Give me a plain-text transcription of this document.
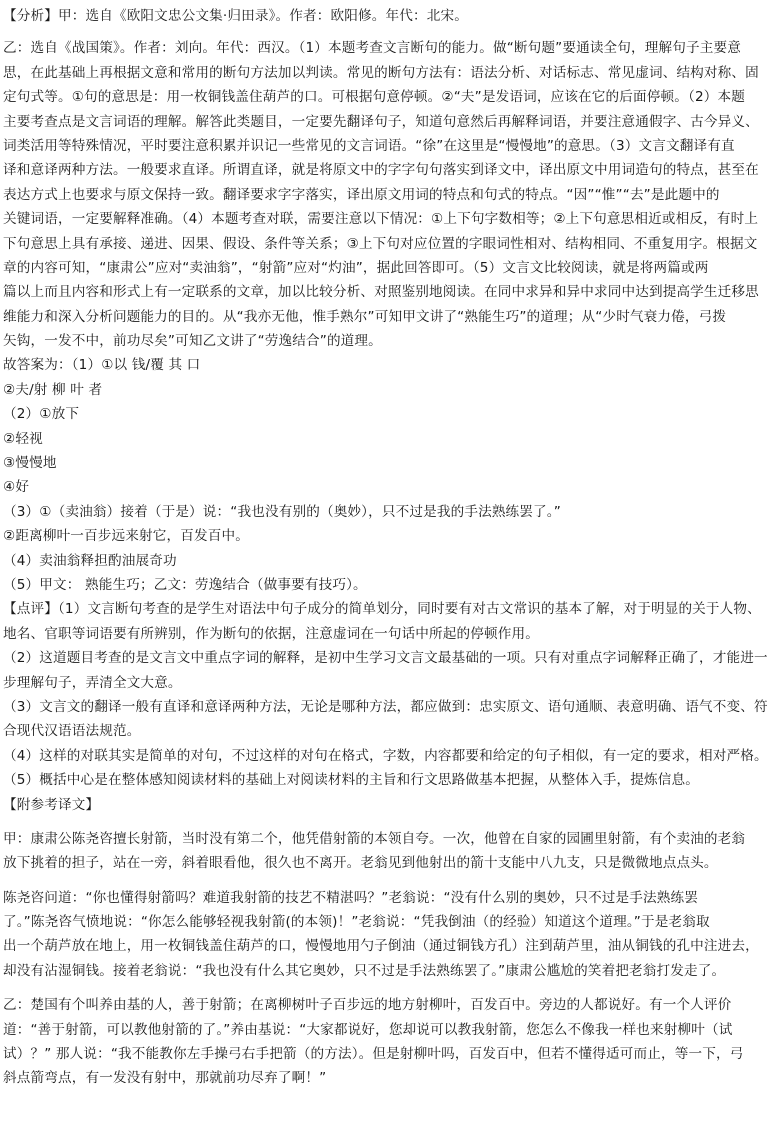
【分析】甲：选自《欧阳文忠公文集·归田录》。作者：欧阳修。年代：北宋。
乙：选自《战国策》。作者：刘向。年代：西汉。（1）本题考查文言断句的能力。做“断句题”要通读全句，理解句子主要意
思，在此基础上再根据文意和常用的断句方法加以判读。常见的断句方法有：语法分析、对话标志、常见虚词、结构对称、固
定句式等。①句的意思是：用一枚铜钱盖住葫芦的口。可根据句意停顿。②“夫”是发语词，应该在它的后面停顿。（2）本题
主要考查点是文言词语的理解。解答此类题目，一定要先翻译句子，知道句意然后再解释词语，并要注意通假字、古今异义、
词类活用等特殊情况，平时要注意积累并识记一些常见的文言词语。“徐”在这里是“慢慢地”的意思。（3）文言文翻译有直
译和意译两种方法。一般要求直译。所谓直译，就是将原文中的字字句句落实到译文中，译出原文中用词造句的特点，甚至在
表达方式上也要求与原文保持一致。翻译要求字字落实，译出原文用词的特点和句式的特点。“因”“惟”“去”是此题中的
关键词语，一定要解释准确。（4）本题考查对联，需要注意以下情况：①上下句字数相等；②上下句意思相近或相反，有时上
下句意思上具有承接、递进、因果、假设、条件等关系；③上下句对应位置的字眼词性相对、结构相同、不重复用字。根据文
章的内容可知，“康肃公”应对“卖油翁”，“射箭”应对“灼油”，据此回答即可。（5）文言文比较阅读，就是将两篇或两
篇以上而且内容和形式上有一定联系的文章，加以比较分析、对照鉴别地阅读。在同中求异和异中求同中达到提高学生迁移思
维能力和深入分析问题能力的目的。从“我亦无他，惟手熟尔”可知甲文讲了“熟能生巧”的道理；从“少时气衰力倦，弓拨
矢钩，一发不中，前功尽矣”可知乙文讲了“劳逸结合”的道理。
故答案为：（1）①以 钱/覆 其 口
②夫/射 柳 叶 者
（2）①放下
②轻视
③慢慢地
④好
（3）①（卖油翁）接着（于是）说：“我也没有别的（奥妙），只不过是我的手法熟练罢了。”
②距离柳叶一百步远来射它，百发百中。
（4）卖油翁释担酌油展奇功
（5）甲文： 熟能生巧；乙文：劳逸结合（做事要有技巧）。
【点评】（1）文言断句考查的是学生对语法中句子成分的简单划分，同时要有对古文常识的基本了解，对于明显的关于人物、
地名、官职等词语要有所辨别，作为断句的依据，注意虚词在一句话中所起的停顿作用。
（2）这道题目考查的是文言文中重点字词的解释，是初中生学习文言文最基础的一项。只有对重点字词解释正确了，才能进一
步理解句子，弄清全文大意。
（3）文言文的翻译一般有直译和意译两种方法，无论是哪种方法，都应做到：忠实原文、语句通顺、表意明确、语气不变、符
合现代汉语语法规范。
（4）这样的对联其实是简单的对句，不过这样的对句在格式，字数，内容都要和给定的句子相似，有一定的要求，相对严格。
（5）概括中心是在整体感知阅读材料的基础上对阅读材料的主旨和行文思路做基本把握，从整体入手，提炼信息。
【附参考译文】
甲：康肃公陈尧咨擅长射箭，当时没有第二个，他凭借射箭的本领自夸。一次，他曾在自家的园圃里射箭，有个卖油的老翁
放下挑着的担子，站在一旁，斜着眼看他，很久也不离开。老翁见到他射出的箭十支能中八九支，只是微微地点点头。
陈尧咨问道：“你也懂得射箭吗？难道我射箭的技艺不精湛吗？”老翁说：“没有什么别的奥妙，只不过是手法熟练罢
了。”陈尧咨气愤地说：“你怎么能够轻视我射箭(的本领)！”老翁说：“凭我倒油（的经验）知道这个道理。”于是老翁取
出一个葫芦放在地上，用一枚铜钱盖住葫芦的口，慢慢地用勺子倒油（通过铜钱方孔）注到葫芦里，油从铜钱的孔中注进去，
却没有沾湿铜钱。接着老翁说：“我也没有什么其它奥妙，只不过是手法熟练罢了。”康肃公尴尬的笑着把老翁打发走了。
乙：楚国有个叫养由基的人，善于射箭；在离柳树叶子百步远的地方射柳叶，百发百中。旁边的人都说好。有一个人评价
道：“善于射箭，可以教他射箭的了。”养由基说：“大家都说好，您却说可以教我射箭，您怎么不像我一样也来射柳叶（试
试）？” 那人说：“我不能教你左手操弓右手把箭（的方法）。但是射柳叶吗，百发百中，但若不懂得适可而止，等一下，弓
斜点箭弯点，有一发没有射中，那就前功尽弃了啊！”
